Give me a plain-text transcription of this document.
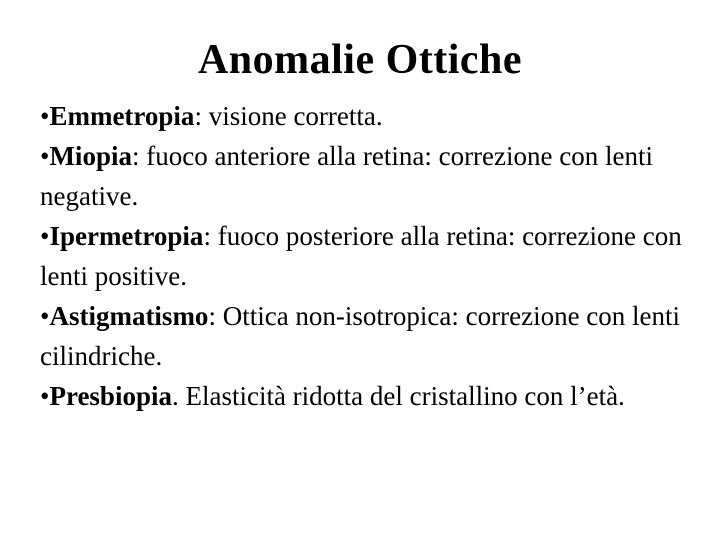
Anomalie Ottiche

•Emmetropia: visione corretta.

•Miopia: fuoco anteriore alla retina: correzione con lenti negative.

•Ipermetropia: fuoco posteriore alla retina: correzione con lenti positive.

•Astigmatismo: Ottica non-isotropica: correzione con lenti cilindriche.

•Presbiopia. Elasticità ridotta del cristallino con l’età.
